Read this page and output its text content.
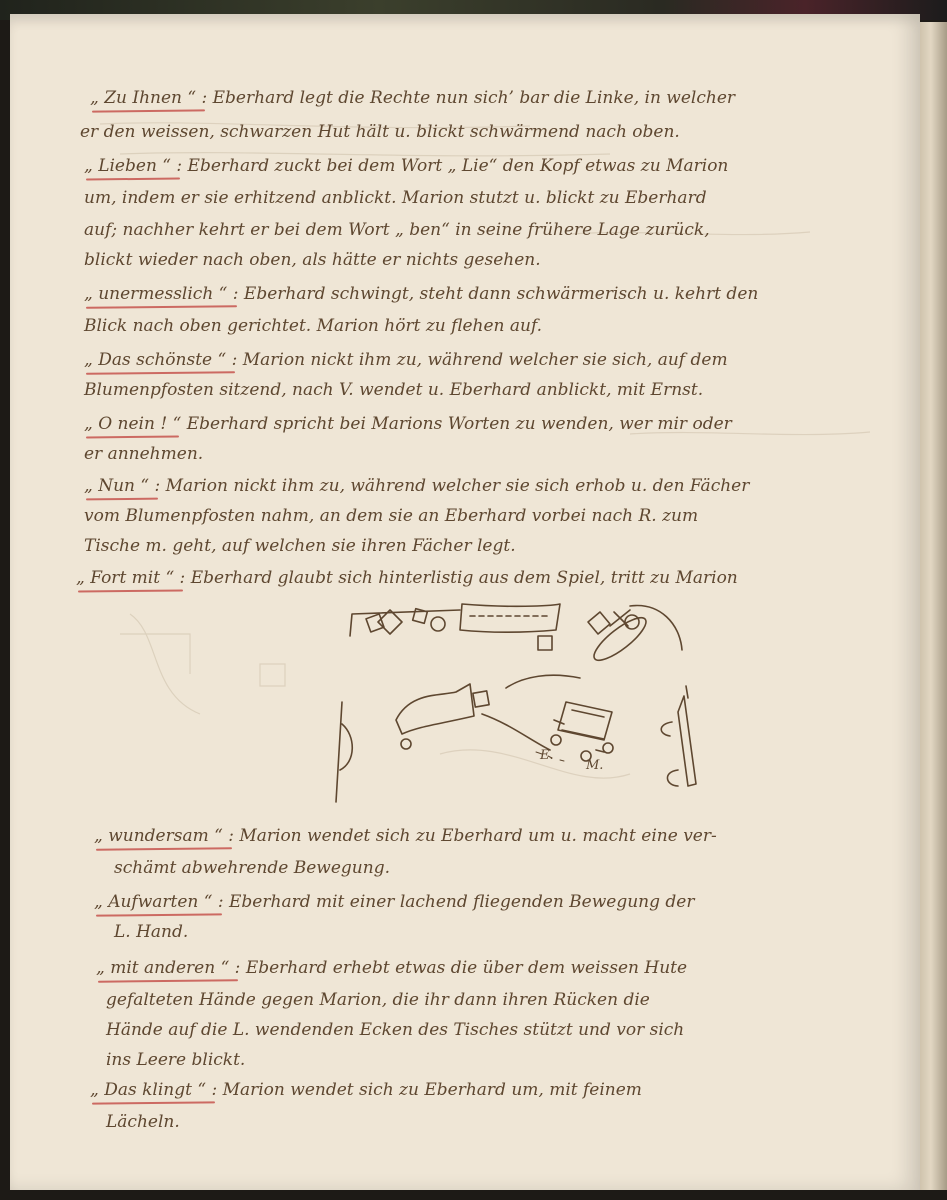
„ Zu Ihnen “ : Eberhard legt die Rechte nun sich’ bar die Linke, in welcher

er den weissen, schwarzen Hut hält u. blickt schwärmend nach oben.

„ Lieben “ : Eberhard zuckt bei dem Wort „ Lie“ den Kopf etwas zu Marion

um, indem er sie erhitzend anblickt. Marion stutzt u. blickt zu Eberhard

auf; nachher kehrt er bei dem Wort „ ben“ in seine frühere Lage zurück,

blickt wieder nach oben, als hätte er nichts gesehen.

„ unermesslich “ : Eberhard schwingt, steht dann schwärmerisch u. kehrt den

Blick nach oben gerichtet. Marion hört zu flehen auf.

„ Das schönste “ : Marion nickt ihm zu, während welcher sie sich, auf dem

Blumenpfosten sitzend, nach V. wendet u. Eberhard anblickt, mit Ernst.

„ O nein ! “ Eberhard spricht bei Marions Worten zu wenden, wer mir oder

er annehmen.

„ Nun “ : Marion nickt ihm zu, während welcher sie sich erhob u. den Fächer

vom Blumenpfosten nahm, an dem sie an Eberhard vorbei nach R. zum

Tische m. geht, auf welchen sie ihren Fächer legt.

„ Fort mit “ : Eberhard glaubt sich hinterlistig aus dem Spiel, tritt zu Marion

E.
M.

„ wundersam “ : Marion wendet sich zu Eberhard um u. macht eine ver-

schämt abwehrende Bewegung.

„ Aufwarten “ : Eberhard mit einer lachend fliegenden Bewegung der

L. Hand.

„ mit anderen “ : Eberhard erhebt etwas die über dem weissen Hute

gefalteten Hände gegen Marion, die ihr dann ihren Rücken die

Hände auf die L. wendenden Ecken des Tisches stützt und vor sich

ins Leere blickt.

„ Das klingt “ : Marion wendet sich zu Eberhard um, mit feinem

Lächeln.
